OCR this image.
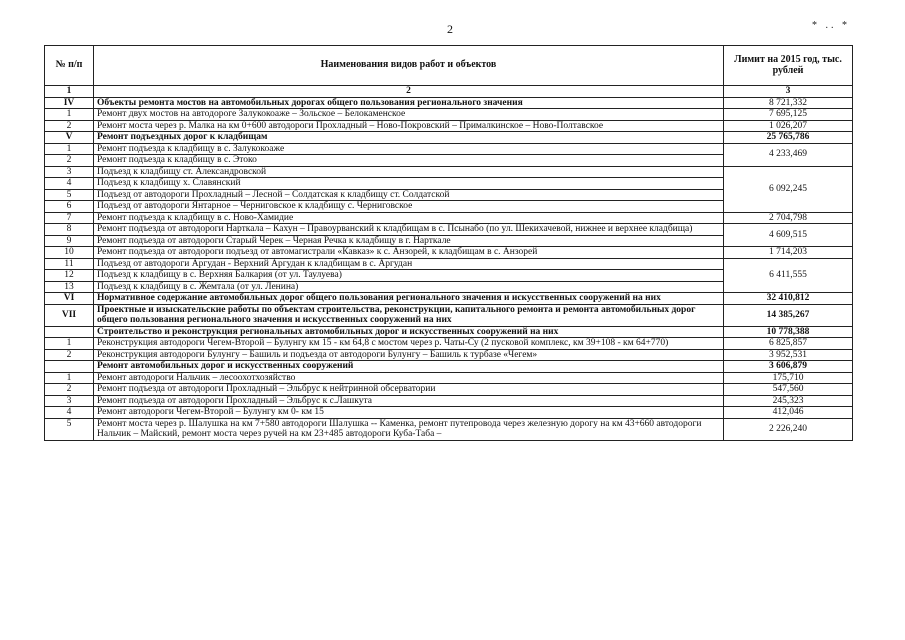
2	* .. *
№ п/п	Наименования видов работ и объектов	Лимит на 2015 год, тыс. рублей
1	2	3
IV	Объекты ремонта мостов на автомобильных дорогах общего пользования регионального значения	8 721,332
1	Ремонт двух мостов на автодороге Залукокоаже – Зольское – Белокаменское	7 695,125
2	Ремонт моста через р. Малка на км 0+600 автодороги Прохладный – Ново-Покровский – Прималкинское – Ново-Полтавское	1 026,207
V	Ремонт подъездных дорог к кладбищам	25 765,786
1	Ремонт подъезда к кладбищу в с. Залукокоаже	4 233,469
2	Ремонт подъезда к кладбищу в с. Этоко	
3	Подъезд к кладбищу ст. Александровской	6 092,245
4	Подъезд к кладбищу х. Славянский	
5	Подъезд от автодороги Прохладный – Лесной – Солдатская к кладбищу ст. Солдатской	
6	Подъезд от автодороги Янтарное – Черниговское к кладбищу с. Черниговское	
7	Ремонт подъезда к кладбищу в с. Ново-Хамидие	2 704,798
8	Ремонт подъезда от автодороги Нарткала – Кахун – Правоурванский к кладбищам в с. Псынабо (по ул. Шекихачевой, нижнее и верхнее кладбища)	4 609,515
9	Ремонт подъезда от автодороги Старый Черек – Черная Речка к кладбищу в г. Нарткале	
10	Ремонт подъезда от автодороги подъезд от автомагистрали «Кавказ» к с. Анзорей, к кладбищам в с. Анзорей	1 714,203
11	Подъезд от автодороги Аргудан - Верхний Аргудан к кладбищам в с. Аргудан	6 411,555
12	Подъезд к кладбищу в с. Верхняя Балкария (от ул. Таулуева)	
13	Подъезд к кладбищу в с. Жемтала (от ул. Ленина)	
VI	Нормативное содержание автомобильных дорог общего пользования регионального значения и искусственных сооружений на них	32 410,812
VII	Проектные и изыскательские работы по объектам строительства, реконструкции, капитального ремонта и ремонта автомобильных дорог общего пользования регионального значения и искусственных сооружений на них	14 385,267
	Строительство и реконструкция региональных автомобильных дорог и искусственных сооружений на них	10 778,388
1	Реконструкция автодороги Чегем-Второй – Булунгу км 15 - км 64,8 с мостом через р. Чаты-Су (2 пусковой комплекс, км 39+108 - км 64+770)	6 825,857
2	Реконструкция автодороги Булунгу – Башиль и подъезда от автодороги Булунгу – Башиль к турбазе «Чегем»	3 952,531
	Ремонт автомобильных дорог и искусственных сооружений	3 606,879
1	Ремонт автодороги Нальчик – лесоохотхозяйство	175,710
2	Ремонт подъезда от автодороги Прохладный – Эльбрус к нейтринной обсерватории	547,560
3	Ремонт подъезда от автодороги Прохладный – Эльбрус к с.Лашкута	245,323
4	Ремонт автодороги Чегем-Второй – Булунгу км 0- км 15	412,046
5	Ремонт моста через р. Шалушка на км 7+580 автодороги Шалушка -- Каменка, ремонт путепровода через железную дорогу на км 43+660 автодороги Нальчик – Майский, ремонт моста через ручей на км 23+485 автодороги Куба-Таба –	2 226,240
